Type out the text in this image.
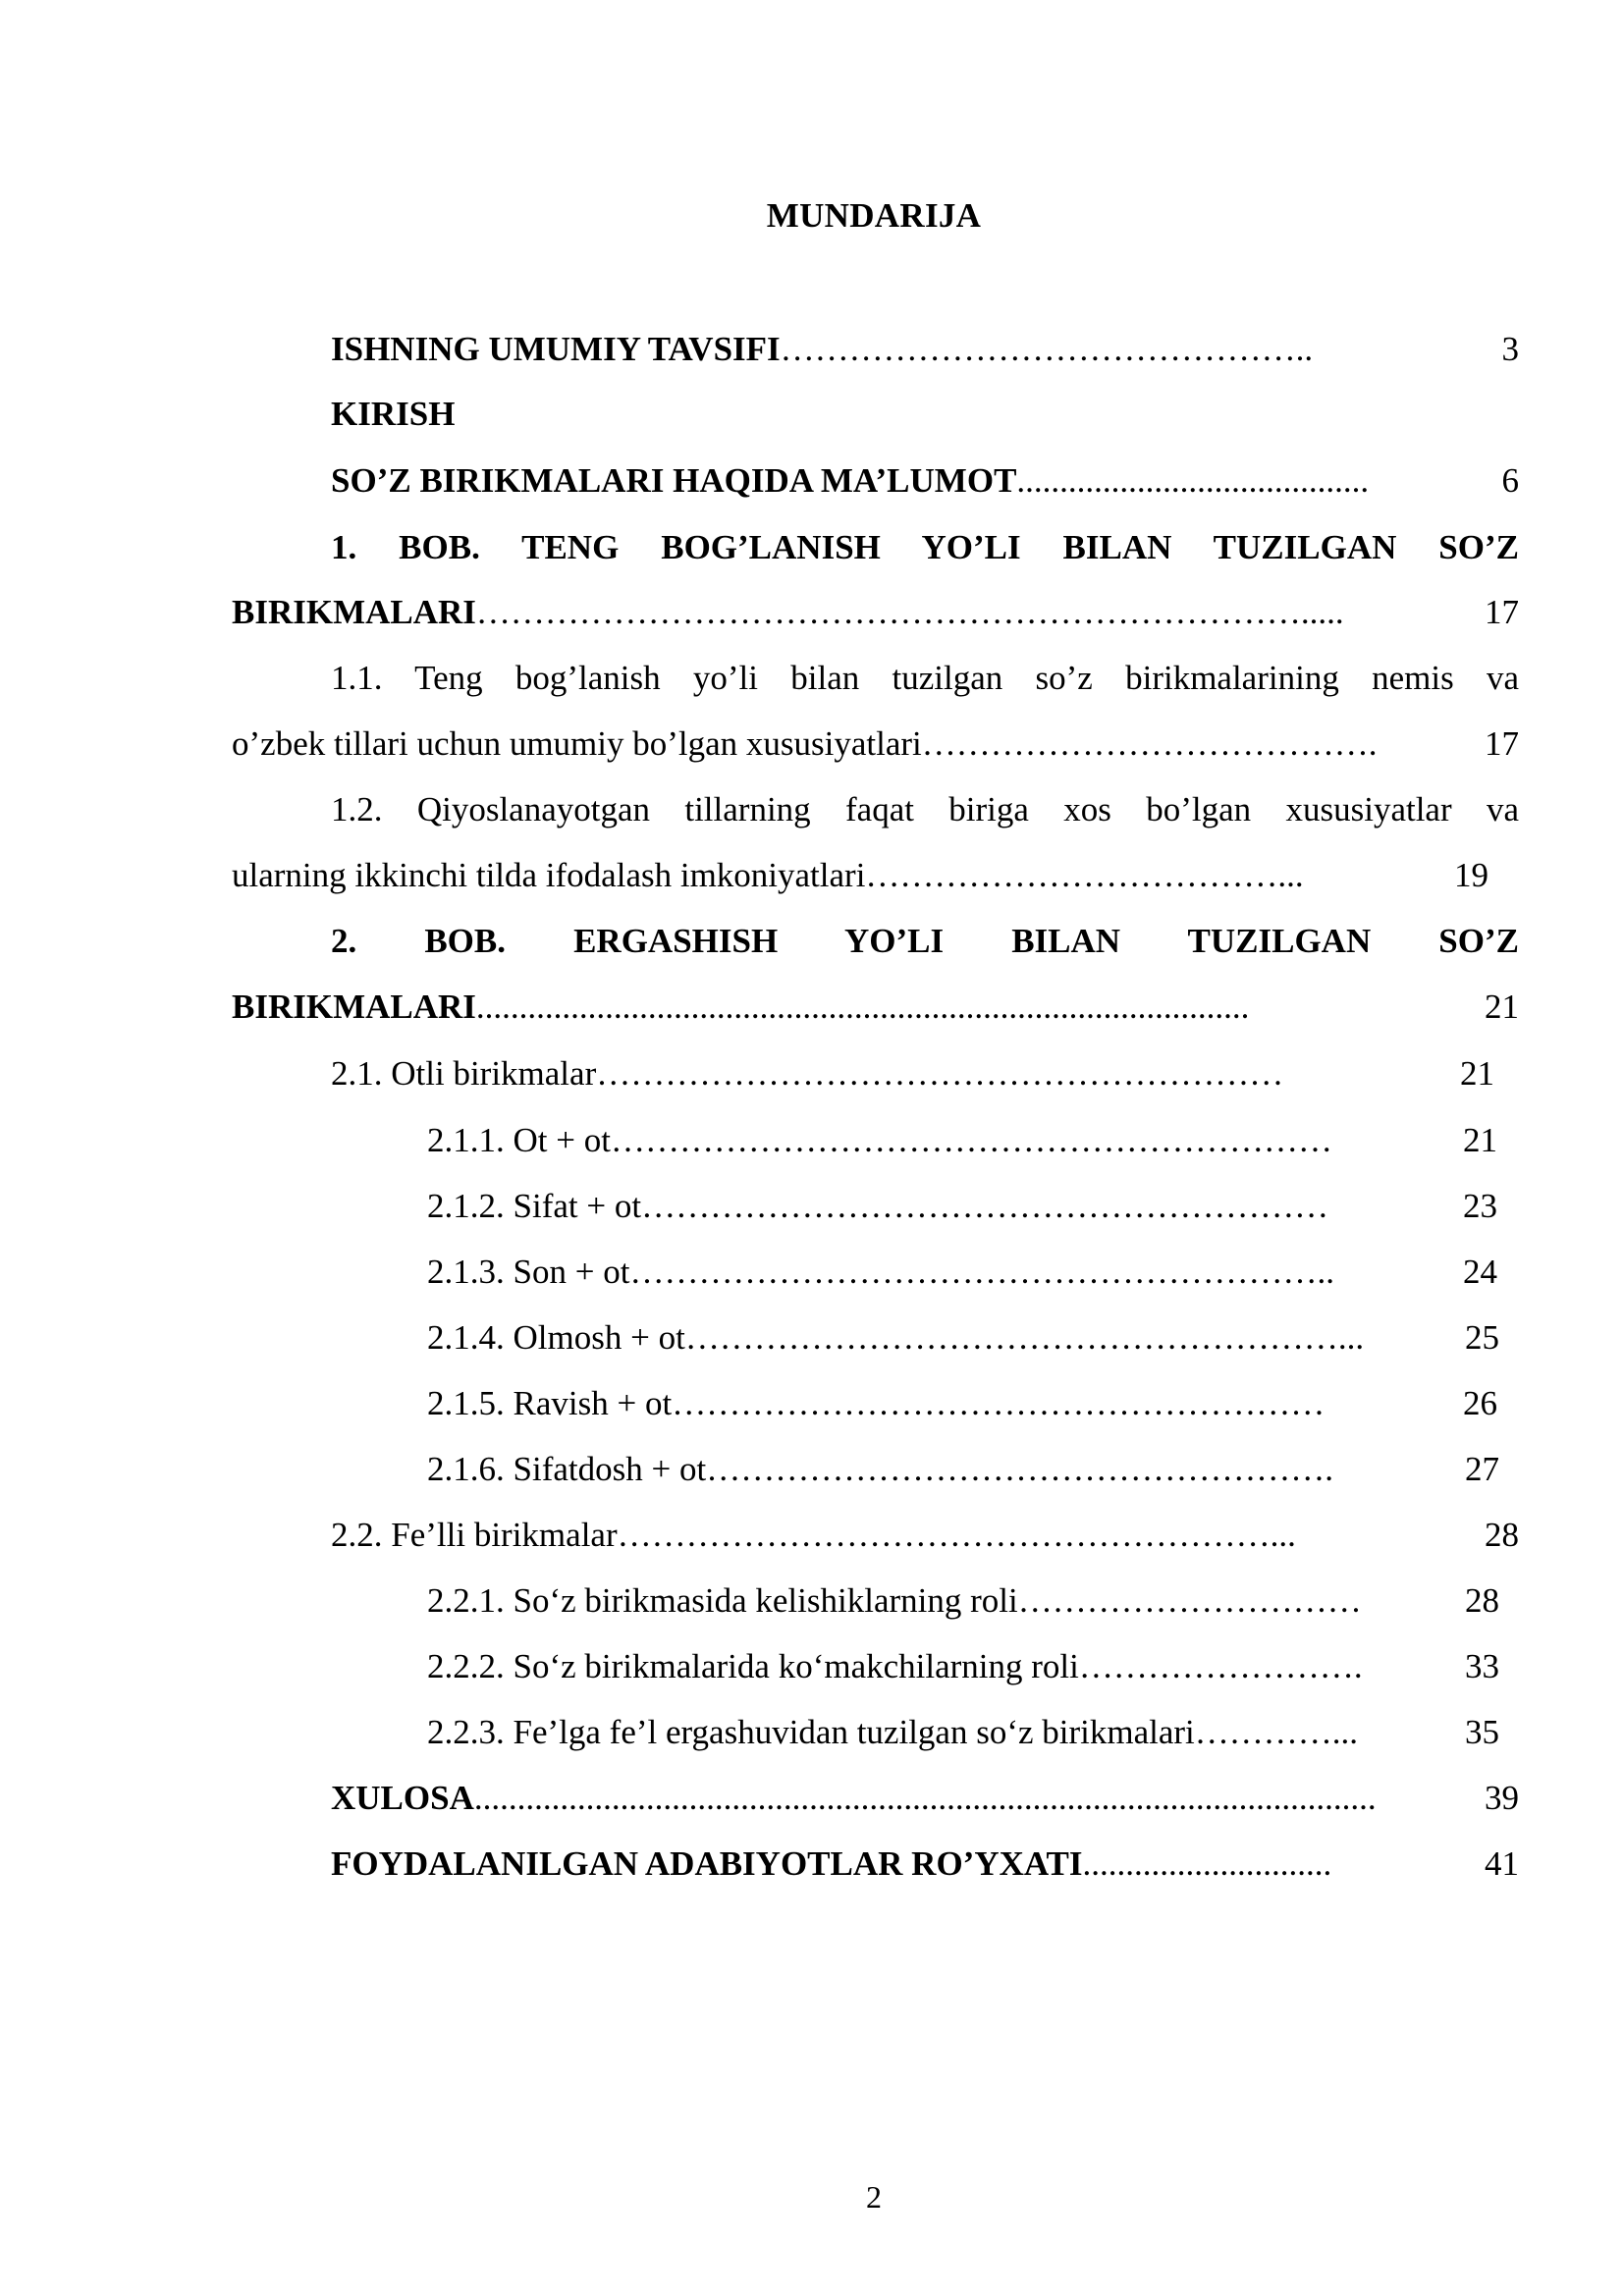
MUNDARIJA
ISHNING UMUMIY TAVSIFI ………………………………………..	3
KIRISH
SO’Z BIRIKMALARI HAQIDA MA’LUMOT .........................................	6
1. BOB. TENG BOG’LANISH YO’LI BILAN TUZILGAN SO’Z
BIRIKMALARI ……………………………………………………………….....	17
1.1. Teng bog’lanish yo’li bilan tuzilgan so’z birikmalarining nemis va
o’zbek tillari uchun umumiy bo’lgan xususiyatlari ………………………………….	17
1.2. Qiyoslanayotgan tillarning faqat biriga xos bo’lgan xususiyatlar va
ularning ikkinchi tilda ifodalash imkoniyatlari ………………………………...	19
2. BOB. ERGASHISH YO’LI BILAN TUZILGAN SO’Z
BIRIKMALARI ..........................................................................................	21
2.1. Otli birikmalar ……………………………………………………	21
2.1.1. Ot + ot ………………………………………………………	21
2.1.2. Sifat + ot ……………………………………………………	23
2.1.3. Son + ot ……………………………………………………..	24
2.1.4. Olmosh + ot …………………………………………………...	25
2.1.5. Ravish + ot …………………………………………………	26
2.1.6. Sifatdosh + ot ……………………………………………….	27
2.2. Fe’lli birikmalar …………………………………………………...	28
2.2.1. So‘z birikmasida kelishiklarning roli …………………………	28
2.2.2. So‘z birikmalarida ko‘makchilarning roli …………………….	33
2.2.3. Fe’lga fe’l ergashuvidan tuzilgan so‘z birikmalari …………...	35
XULOSA .........................................................................................................	39
FOYDALANILGAN ADABIYOTLAR RO’YXATI .............................	41
2
